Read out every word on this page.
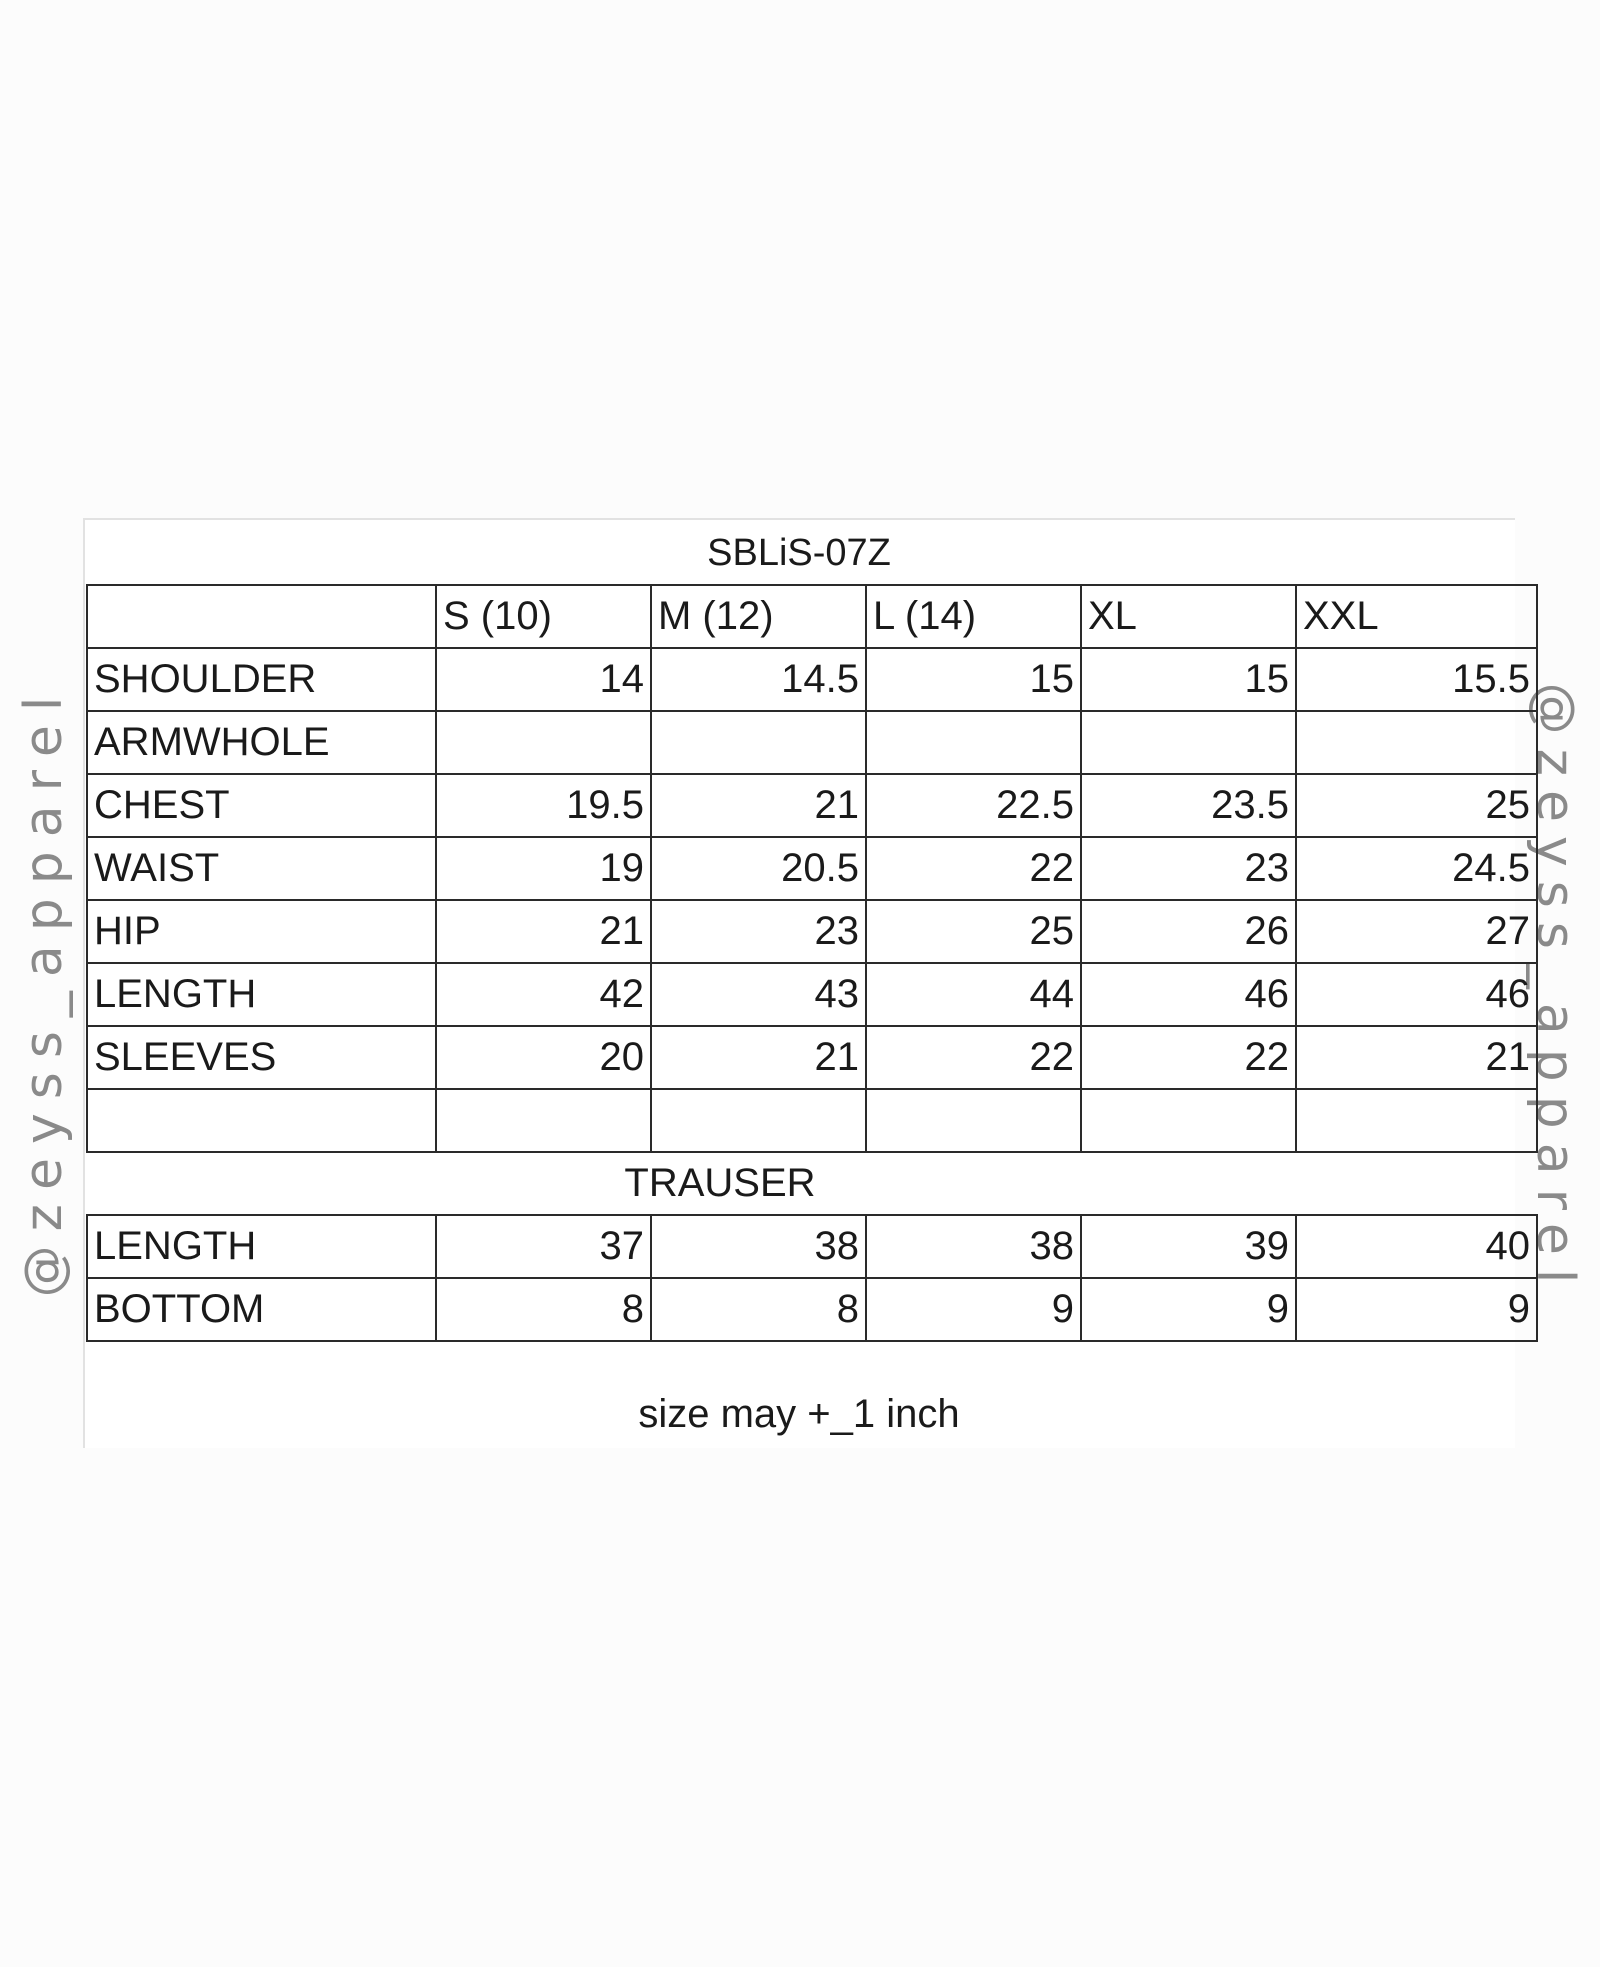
@zeyss_apparel	@zeyss_apparel
SBLiS-07Z
	S (10)	M (12)	L (14)	XL	XXL
SHOULDER	14	14.5	15	15	15.5
ARMWHOLE					
CHEST	19.5	21	22.5	23.5	25
WAIST	19	20.5	22	23	24.5
HIP	21	23	25	26	27
LENGTH	42	43	44	46	46
SLEEVES	20	21	22	22	21

TRAUSER					
LENGTH	37	38	38	39	40
BOTTOM	8	8	9	9	9
size may +_1 inch
